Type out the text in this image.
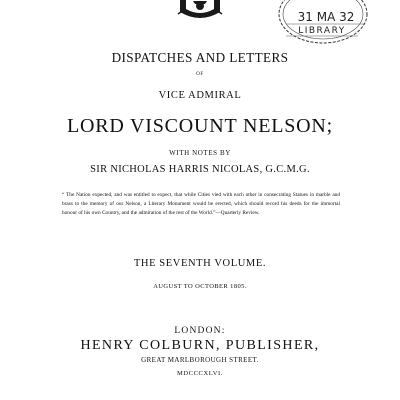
31 MA 32
LIBRARY
DISPATCHES AND LETTERS
OF
VICE ADMIRAL
LORD VISCOUNT NELSON;
WITH NOTES BY
SIR NICHOLAS HARRIS NICOLAS, G.C.M.G.
“ The Nation expected, and was entitled to expect, that while Cities vied with each other in consecrating Statues in marble and brass to the memory of our Nelson, a Literary Monument would be erected, which should record his deeds for the immortal honour of his own Country, and the admiration of the rest of the World.”—Quarterly Review.
THE SEVENTH VOLUME.
AUGUST TO OCTOBER 1805.
LONDON:
HENRY COLBURN, PUBLISHER,
GREAT MARLBOROUGH STREET.
MDCCCXLVI.
